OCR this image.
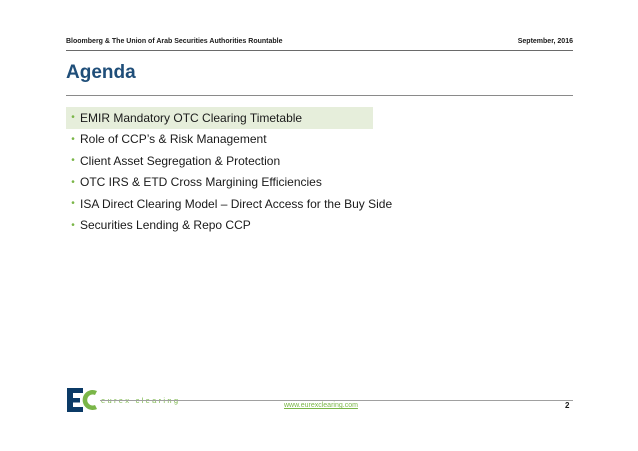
Bloomberg & The Union of Arab Securities Authorities Rountable	September, 2016
Agenda
• EMIR Mandatory OTC Clearing Timetable
• Role of CCP’s & Risk Management
• Client Asset Segregation & Protection
• OTC IRS & ETD Cross Margining Efficiencies
• ISA Direct Clearing Model – Direct Access for the Buy Side
• Securities Lending & Repo CCP
eurex clearing
www.eurexclearing.com	2
